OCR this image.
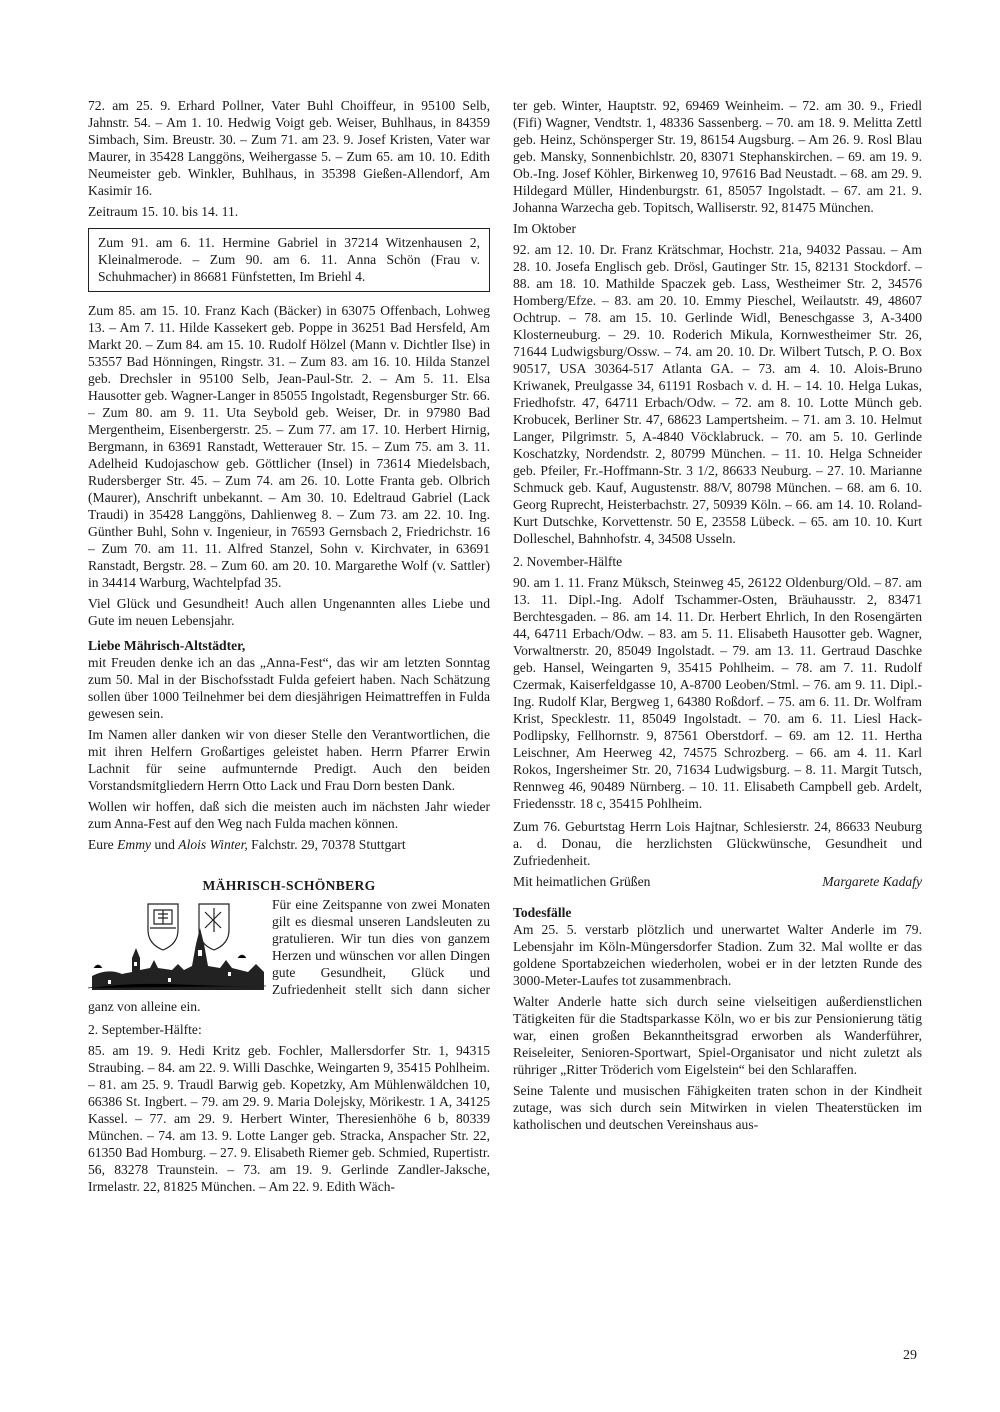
72. am 25. 9. Erhard Pollner, Vater Buhl Choiffeur, in 95100 Selb, Jahnstr. 54. – Am 1. 10. Hedwig Voigt geb. Weiser, Buhlhaus, in 84359 Simbach, Sim. Breustr. 30. – Zum 71. am 23. 9. Josef Kristen, Vater war Maurer, in 35428 Langgöns, Weihergasse 5. – Zum 65. am 10. 10. Edith Neumeister geb. Winkler, Buhlhaus, in 35398 Gießen-Allendorf, Am Kasimir 16.

Zeitraum 15. 10. bis 14. 11.

Zum 91. am 6. 11. Hermine Gabriel in 37214 Witzenhausen 2, Kleinalmerode. – Zum 90. am 6. 11. Anna Schön (Frau v. Schuhmacher) in 86681 Fünfstetten, Im Briehl 4.

Zum 85. am 15. 10. Franz Kach (Bäcker) in 63075 Offenbach, Lohweg 13. – Am 7. 11. Hilde Kassekert geb. Poppe in 36251 Bad Hersfeld, Am Markt 20. – Zum 84. am 15. 10. Rudolf Hölzel (Mann v. Dichtler Ilse) in 53557 Bad Hönningen, Ringstr. 31. – Zum 83. am 16. 10. Hilda Stanzel geb. Drechsler in 95100 Selb, Jean-Paul-Str. 2. – Am 5. 11. Elsa Hausotter geb. Wagner-Langer in 85055 Ingolstadt, Regensburger Str. 66. – Zum 80. am 9. 11. Uta Seybold geb. Weiser, Dr. in 97980 Bad Mergentheim, Eisenbergerstr. 25. – Zum 77. am 17. 10. Herbert Hirnig, Bergmann, in 63691 Ranstadt, Wetterauer Str. 15. – Zum 75. am 3. 11. Adelheid Kudojaschow geb. Göttlicher (Insel) in 73614 Miedelsbach, Rudersberger Str. 45. – Zum 74. am 26. 10. Lotte Franta geb. Olbrich (Maurer), Anschrift unbekannt. – Am 30. 10. Edeltraud Gabriel (Lack Traudi) in 35428 Langgöns, Dahlienweg 8. – Zum 73. am 22. 10. Ing. Günther Buhl, Sohn v. Ingenieur, in 76593 Gernsbach 2, Friedrichstr. 16 – Zum 70. am 11. 11. Alfred Stanzel, Sohn v. Kirchvater, in 63691 Ranstadt, Bergstr. 28. – Zum 60. am 20. 10. Margarethe Wolf (v. Sattler) in 34414 Warburg, Wachtelpfad 35.

Viel Glück und Gesundheit! Auch allen Ungenannten alles Liebe und Gute im neuen Lebensjahr.

Liebe Mährisch-Altstädter,

mit Freuden denke ich an das „Anna-Fest“, das wir am letzten Sonntag zum 50. Mal in der Bischofsstadt Fulda gefeiert haben. Nach Schätzung sollen über 1000 Teilnehmer bei dem diesjährigen Heimattreffen in Fulda gewesen sein.

Im Namen aller danken wir von dieser Stelle den Verantwortlichen, die mit ihren Helfern Großartiges geleistet haben. Herrn Pfarrer Erwin Lachnit für seine aufmunternde Predigt. Auch den beiden Vorstandsmitgliedern Herrn Otto Lack und Frau Dorn besten Dank.

Wollen wir hoffen, daß sich die meisten auch im nächsten Jahr wieder zum Anna-Fest auf den Weg nach Fulda machen können.

Eure Emmy und Alois Winter, Falchstr. 29, 70378 Stuttgart

MÄHRISCH-SCHÖNBERG

Für eine Zeitspanne von zwei Monaten gilt es diesmal unseren Landsleuten zu gratulieren. Wir tun dies von ganzem Herzen und wünschen vor allen Dingen gute Gesundheit, Glück und Zufriedenheit stellt sich dann sicher ganz von alleine ein.

2. September-Hälfte:

85. am 19. 9. Hedi Kritz geb. Fochler, Mallersdorfer Str. 1, 94315 Straubing. – 84. am 22. 9. Willi Daschke, Weingarten 9, 35415 Pohlheim. – 81. am 25. 9. Traudl Barwig geb. Kopetzky, Am Mühlenwäldchen 10, 66386 St. Ingbert. – 79. am 29. 9. Maria Dolejsky, Mörikestr. 1 A, 34125 Kassel. – 77. am 29. 9. Herbert Winter, Theresienhöhe 6 b, 80339 München. – 74. am 13. 9. Lotte Langer geb. Stracka, Anspacher Str. 22, 61350 Bad Homburg. – 27. 9. Elisabeth Riemer geb. Schmied, Rupertistr. 56, 83278 Traunstein. – 73. am 19. 9. Gerlinde Zandler-Jaksche, Irmelastr. 22, 81825 München. – Am 22. 9. Edith Wäch-

ter geb. Winter, Hauptstr. 92, 69469 Weinheim. – 72. am 30. 9., Friedl (Fifi) Wagner, Vendtstr. 1, 48336 Sassenberg. – 70. am 18. 9. Melitta Zettl geb. Heinz, Schönsperger Str. 19, 86154 Augsburg. – Am 26. 9. Rosl Blau geb. Mansky, Sonnenbichlstr. 20, 83071 Stephanskirchen. – 69. am 19. 9. Ob.-Ing. Josef Köhler, Birkenweg 10, 97616 Bad Neustadt. – 68. am 29. 9. Hildegard Müller, Hindenburgstr. 61, 85057 Ingolstadt. – 67. am 21. 9. Johanna Warzecha geb. Topitsch, Walliserstr. 92, 81475 München.

Im Oktober

92. am 12. 10. Dr. Franz Krätschmar, Hochstr. 21a, 94032 Passau. – Am 28. 10. Josefa Englisch geb. Drösl, Gautinger Str. 15, 82131 Stockdorf. – 88. am 18. 10. Mathilde Spaczek geb. Lass, Westheimer Str. 2, 34576 Homberg/Efze. – 83. am 20. 10. Emmy Pieschel, Weilautstr. 49, 48607 Ochtrup. – 78. am 15. 10. Gerlinde Widl, Beneschgasse 3, A-3400 Klosterneuburg. – 29. 10. Roderich Mikula, Kornwestheimer Str. 26, 71644 Ludwigsburg/Ossw. – 74. am 20. 10. Dr. Wilbert Tutsch, P. O. Box 90517, USA 30364-517 Atlanta GA. – 73. am 4. 10. Alois-Bruno Kriwanek, Preulgasse 34, 61191 Rosbach v. d. H. – 14. 10. Helga Lukas, Friedhofstr. 47, 64711 Erbach/Odw. – 72. am 8. 10. Lotte Münch geb. Krobucek, Berliner Str. 47, 68623 Lampertsheim. – 71. am 3. 10. Helmut Langer, Pilgrimstr. 5, A-4840 Vöcklabruck. – 70. am 5. 10. Gerlinde Koschatzky, Nordendstr. 2, 80799 München. – 11. 10. Helga Schneider geb. Pfeiler, Fr.-Hoffmann-Str. 3 1/2, 86633 Neuburg. – 27. 10. Marianne Schmuck geb. Kauf, Augustenstr. 88/V, 80798 München. – 68. am 6. 10. Georg Ruprecht, Heisterbachstr. 27, 50939 Köln. – 66. am 14. 10. Roland-Kurt Dutschke, Korvettenstr. 50 E, 23558 Lübeck. – 65. am 10. 10. Kurt Dolleschel, Bahnhofstr. 4, 34508 Usseln.

2. November-Hälfte

90. am 1. 11. Franz Müksch, Steinweg 45, 26122 Oldenburg/Old. – 87. am 13. 11. Dipl.-Ing. Adolf Tschammer-Osten, Bräuhausstr. 2, 83471 Berchtesgaden. – 86. am 14. 11. Dr. Herbert Ehrlich, In den Rosengärten 44, 64711 Erbach/Odw. – 83. am 5. 11. Elisabeth Hausotter geb. Wagner, Vorwaltnerstr. 20, 85049 Ingolstadt. – 79. am 13. 11. Gertraud Daschke geb. Hansel, Weingarten 9, 35415 Pohlheim. – 78. am 7. 11. Rudolf Czermak, Kaiserfeldgasse 10, A-8700 Leoben/Stml. – 76. am 9. 11. Dipl.-Ing. Rudolf Klar, Bergweg 1, 64380 Roßdorf. – 75. am 6. 11. Dr. Wolfram Krist, Specklestr. 11, 85049 Ingolstadt. – 70. am 6. 11. Liesl Hack-Podlipsky, Fellhornstr. 9, 87561 Oberstdorf. – 69. am 12. 11. Hertha Leischner, Am Heerweg 42, 74575 Schrozberg. – 66. am 4. 11. Karl Rokos, Ingersheimer Str. 20, 71634 Ludwigsburg. – 8. 11. Margit Tutsch, Rennweg 46, 90489 Nürnberg. – 10. 11. Elisabeth Campbell geb. Ardelt, Friedensstr. 18 c, 35415 Pohlheim.

Zum 76. Geburtstag Herrn Lois Hajtnar, Schlesierstr. 24, 86633 Neuburg a. d. Donau, die herzlichsten Glückwünsche, Gesundheit und Zufriedenheit.

Mit heimatlichen Grüßen	Margarete Kadafy
Todesfälle

Am 25. 5. verstarb plötzlich und unerwartet Walter Anderle im 79. Lebensjahr im Köln-Müngersdorfer Stadion. Zum 32. Mal wollte er das goldene Sportabzeichen wiederholen, wobei er in der letzten Runde des 3000-Meter-Laufes tot zusammenbrach.

Walter Anderle hatte sich durch seine vielseitigen außerdienstlichen Tätigkeiten für die Stadtsparkasse Köln, wo er bis zur Pensionierung tätig war, einen großen Bekanntheitsgrad erworben als Wanderführer, Reiseleiter, Senioren-Sportwart, Spiel-Organisator und nicht zuletzt als rühriger „Ritter Tröderich vom Eigelstein“ bei den Schlaraffen.

Seine Talente und musischen Fähigkeiten traten schon in der Kindheit zutage, was sich durch sein Mitwirken in vielen Theaterstücken im katholischen und deutschen Vereinshaus aus-

29
